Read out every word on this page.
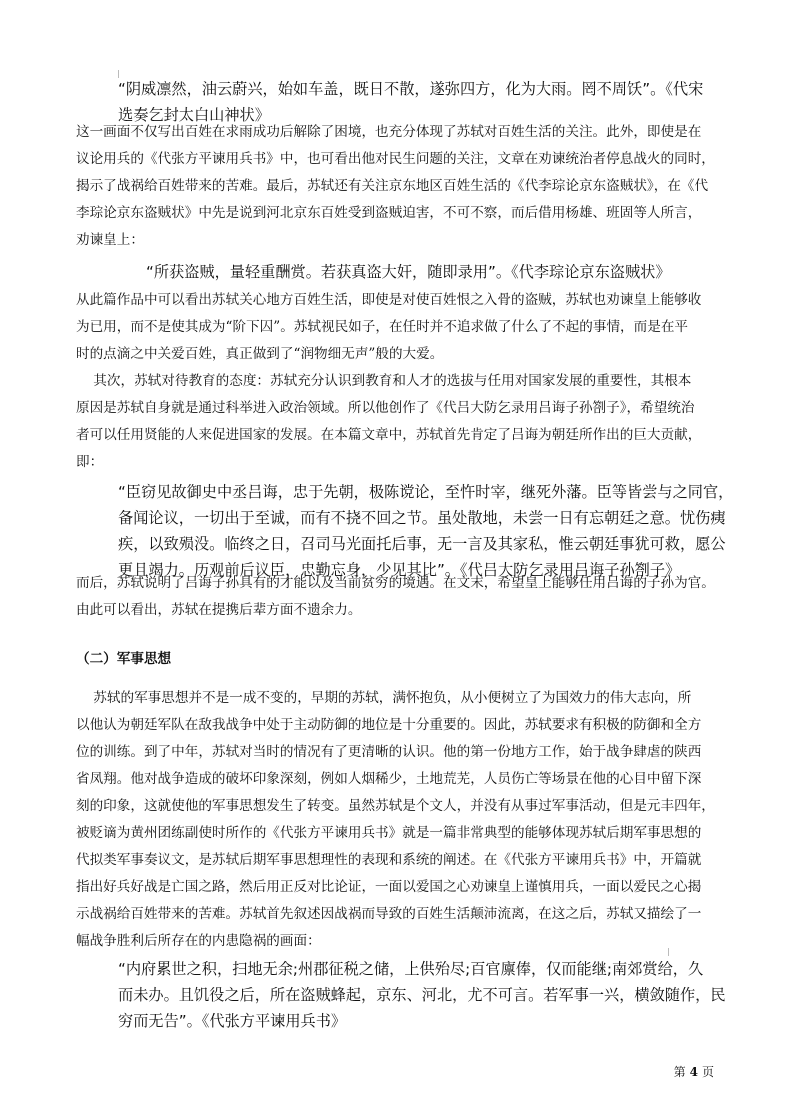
“阴威凛然，油云蔚兴，始如车盖，既日不散，遂弥四方，化为大雨。罔不周饫”。《代宋
选奏乞封太白山神状》
这一画面不仅写出百姓在求雨成功后解除了困境，也充分体现了苏轼对百姓生活的关注。此外，即使是在
议论用兵的《代张方平谏用兵书》中，也可看出他对民生问题的关注，文章在劝谏统治者停息战火的同时，
揭示了战祸给百姓带来的苦难。最后，苏轼还有关注京东地区百姓生活的《代李琮论京东盗贼状》，在《代
李琮论京东盗贼状》中先是说到河北京东百姓受到盗贼迫害，不可不察，而后借用杨雄、班固等人所言，
劝谏皇上：
“所获盗贼，量轻重酬赏。若获真盗大奸，随即录用”。《代李琮论京东盗贼状》
从此篇作品中可以看出苏轼关心地方百姓生活，即使是对使百姓恨之入骨的盗贼，苏轼也劝谏皇上能够收
为已用，而不是使其成为“阶下囚”。苏轼视民如子，在任时并不追求做了什么了不起的事情，而是在平
时的点滴之中关爱百姓，真正做到了“润物细无声”般的大爱。
其次，苏轼对待教育的态度：苏轼充分认识到教育和人才的选拔与任用对国家发展的重要性，其根本
原因是苏轼自身就是通过科举进入政治领域。所以他创作了《代吕大防乞录用吕诲子孙劄子》，希望统治
者可以任用贤能的人来促进国家的发展。在本篇文章中，苏轼首先肯定了吕诲为朝廷所作出的巨大贡献，
即：
“臣窃见故御史中丞吕诲，忠于先朝，极陈谠论，至忤时宰，继死外藩。臣等皆尝与之同官，
备闻论议，一切出于至诚，而有不挠不回之节。虽处散地，未尝一日有忘朝廷之意。忧伤痍
疾，以致殒没。临终之日，召司马光面托后事，无一言及其家私，惟云朝廷事犹可救，愿公
更且竭力。历观前后议臣，忠勤忘身，少见其比”。《代吕大防乞录用吕诲子孙劄子》
而后，苏轼说明了吕诲子孙具有的才能以及当前贫穷的境遇。在文末，希望皇上能够任用吕诲的子孙为官。
由此可以看出，苏轼在提携后辈方面不遗余力。
（二）军事思想
苏轼的军事思想并不是一成不变的，早期的苏轼，满怀抱负，从小便树立了为国效力的伟大志向，所
以他认为朝廷军队在敌我战争中处于主动防御的地位是十分重要的。因此，苏轼要求有积极的防御和全方
位的训练。到了中年，苏轼对当时的情况有了更清晰的认识。他的第一份地方工作，始于战争肆虐的陕西
省凤翔。他对战争造成的破坏印象深刻，例如人烟稀少，土地荒芜，人员伤亡等场景在他的心目中留下深
刻的印象，这就使他的军事思想发生了转变。虽然苏轼是个文人，并没有从事过军事活动，但是元丰四年，
被贬谪为黄州团练副使时所作的《代张方平谏用兵书》就是一篇非常典型的能够体现苏轼后期军事思想的
代拟类军事奏议文，是苏轼后期军事思想理性的表现和系统的阐述。在《代张方平谏用兵书》中，开篇就
指出好兵好战是亡国之路，然后用正反对比论证，一面以爱国之心劝谏皇上谨慎用兵，一面以爱民之心揭
示战祸给百姓带来的苦难。苏轼首先叙述因战祸而导致的百姓生活颠沛流离，在这之后，苏轼又描绘了一
幅战争胜利后所存在的内患隐祸的画面：
“内府累世之积，扫地无余;州郡征税之储，上供殆尽;百官廪俸，仅而能继;南郊赏给，久
而未办。且饥役之后，所在盗贼蜂起，京东、河北，尤不可言。若军事一兴，横敛随作，民
穷而无告”。《代张方平谏用兵书》
第 4 页
